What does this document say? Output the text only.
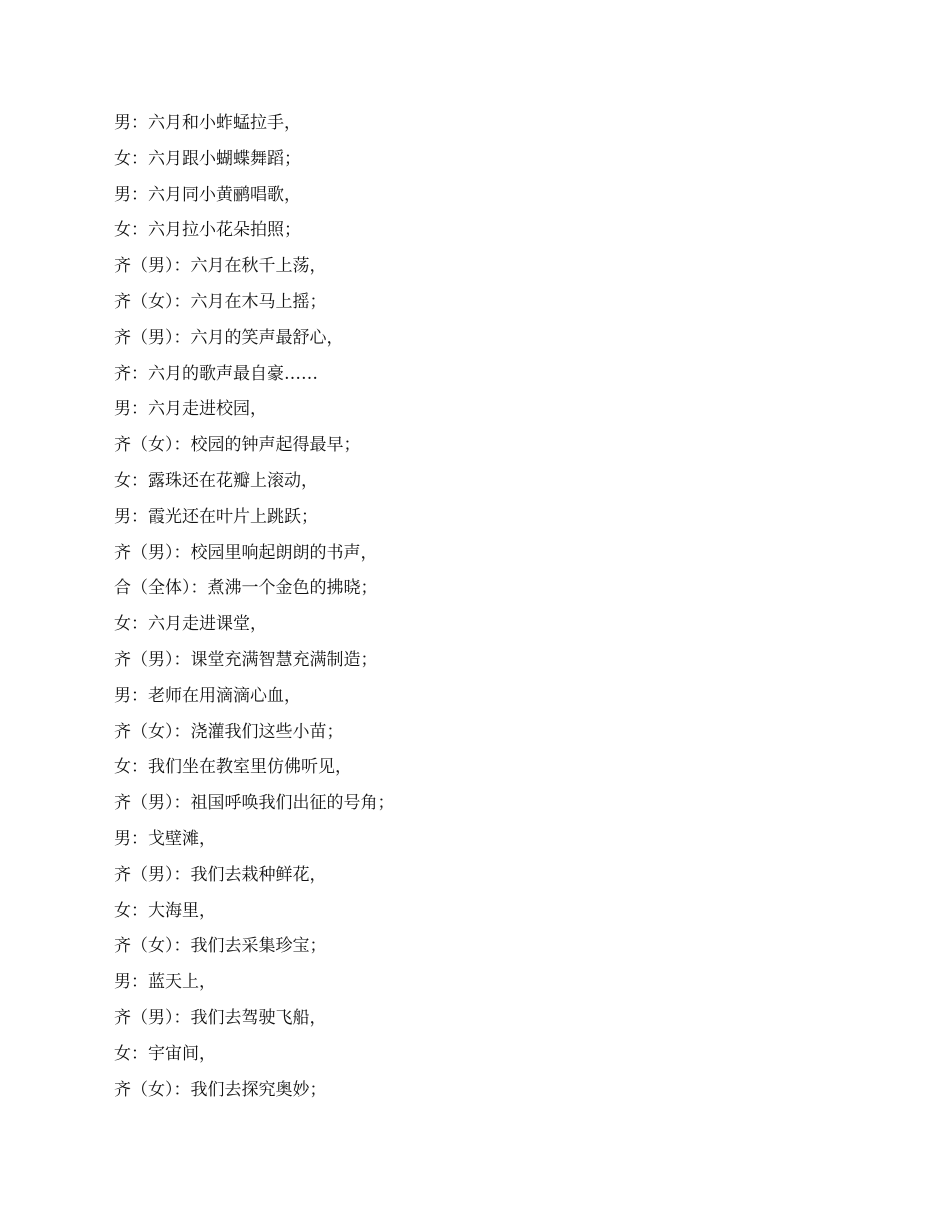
男：六月和小蚱蜢拉手，
女：六月跟小蝴蝶舞蹈；
男：六月同小黄鹂唱歌，
女：六月拉小花朵拍照；
齐（男）：六月在秋千上荡，
齐（女）：六月在木马上摇；
齐（男）：六月的笑声最舒心，
齐：六月的歌声最自豪……
男：六月走进校园，
齐（女）：校园的钟声起得最早；
女：露珠还在花瓣上滚动，
男：霞光还在叶片上跳跃；
齐（男）：校园里响起朗朗的书声，
合（全体）：煮沸一个金色的拂晓；
女：六月走进课堂，
齐（男）：课堂充满智慧充满制造；
男：老师在用滴滴心血，
齐（女）：浇灌我们这些小苗；
女：我们坐在教室里仿佛听见，
齐（男）：祖国呼唤我们出征的号角；
男：戈壁滩，
齐（男）：我们去栽种鲜花，
女：大海里，
齐（女）：我们去采集珍宝；
男：蓝天上，
齐（男）：我们去驾驶飞船，
女：宇宙间，
齐（女）：我们去探究奥妙；
